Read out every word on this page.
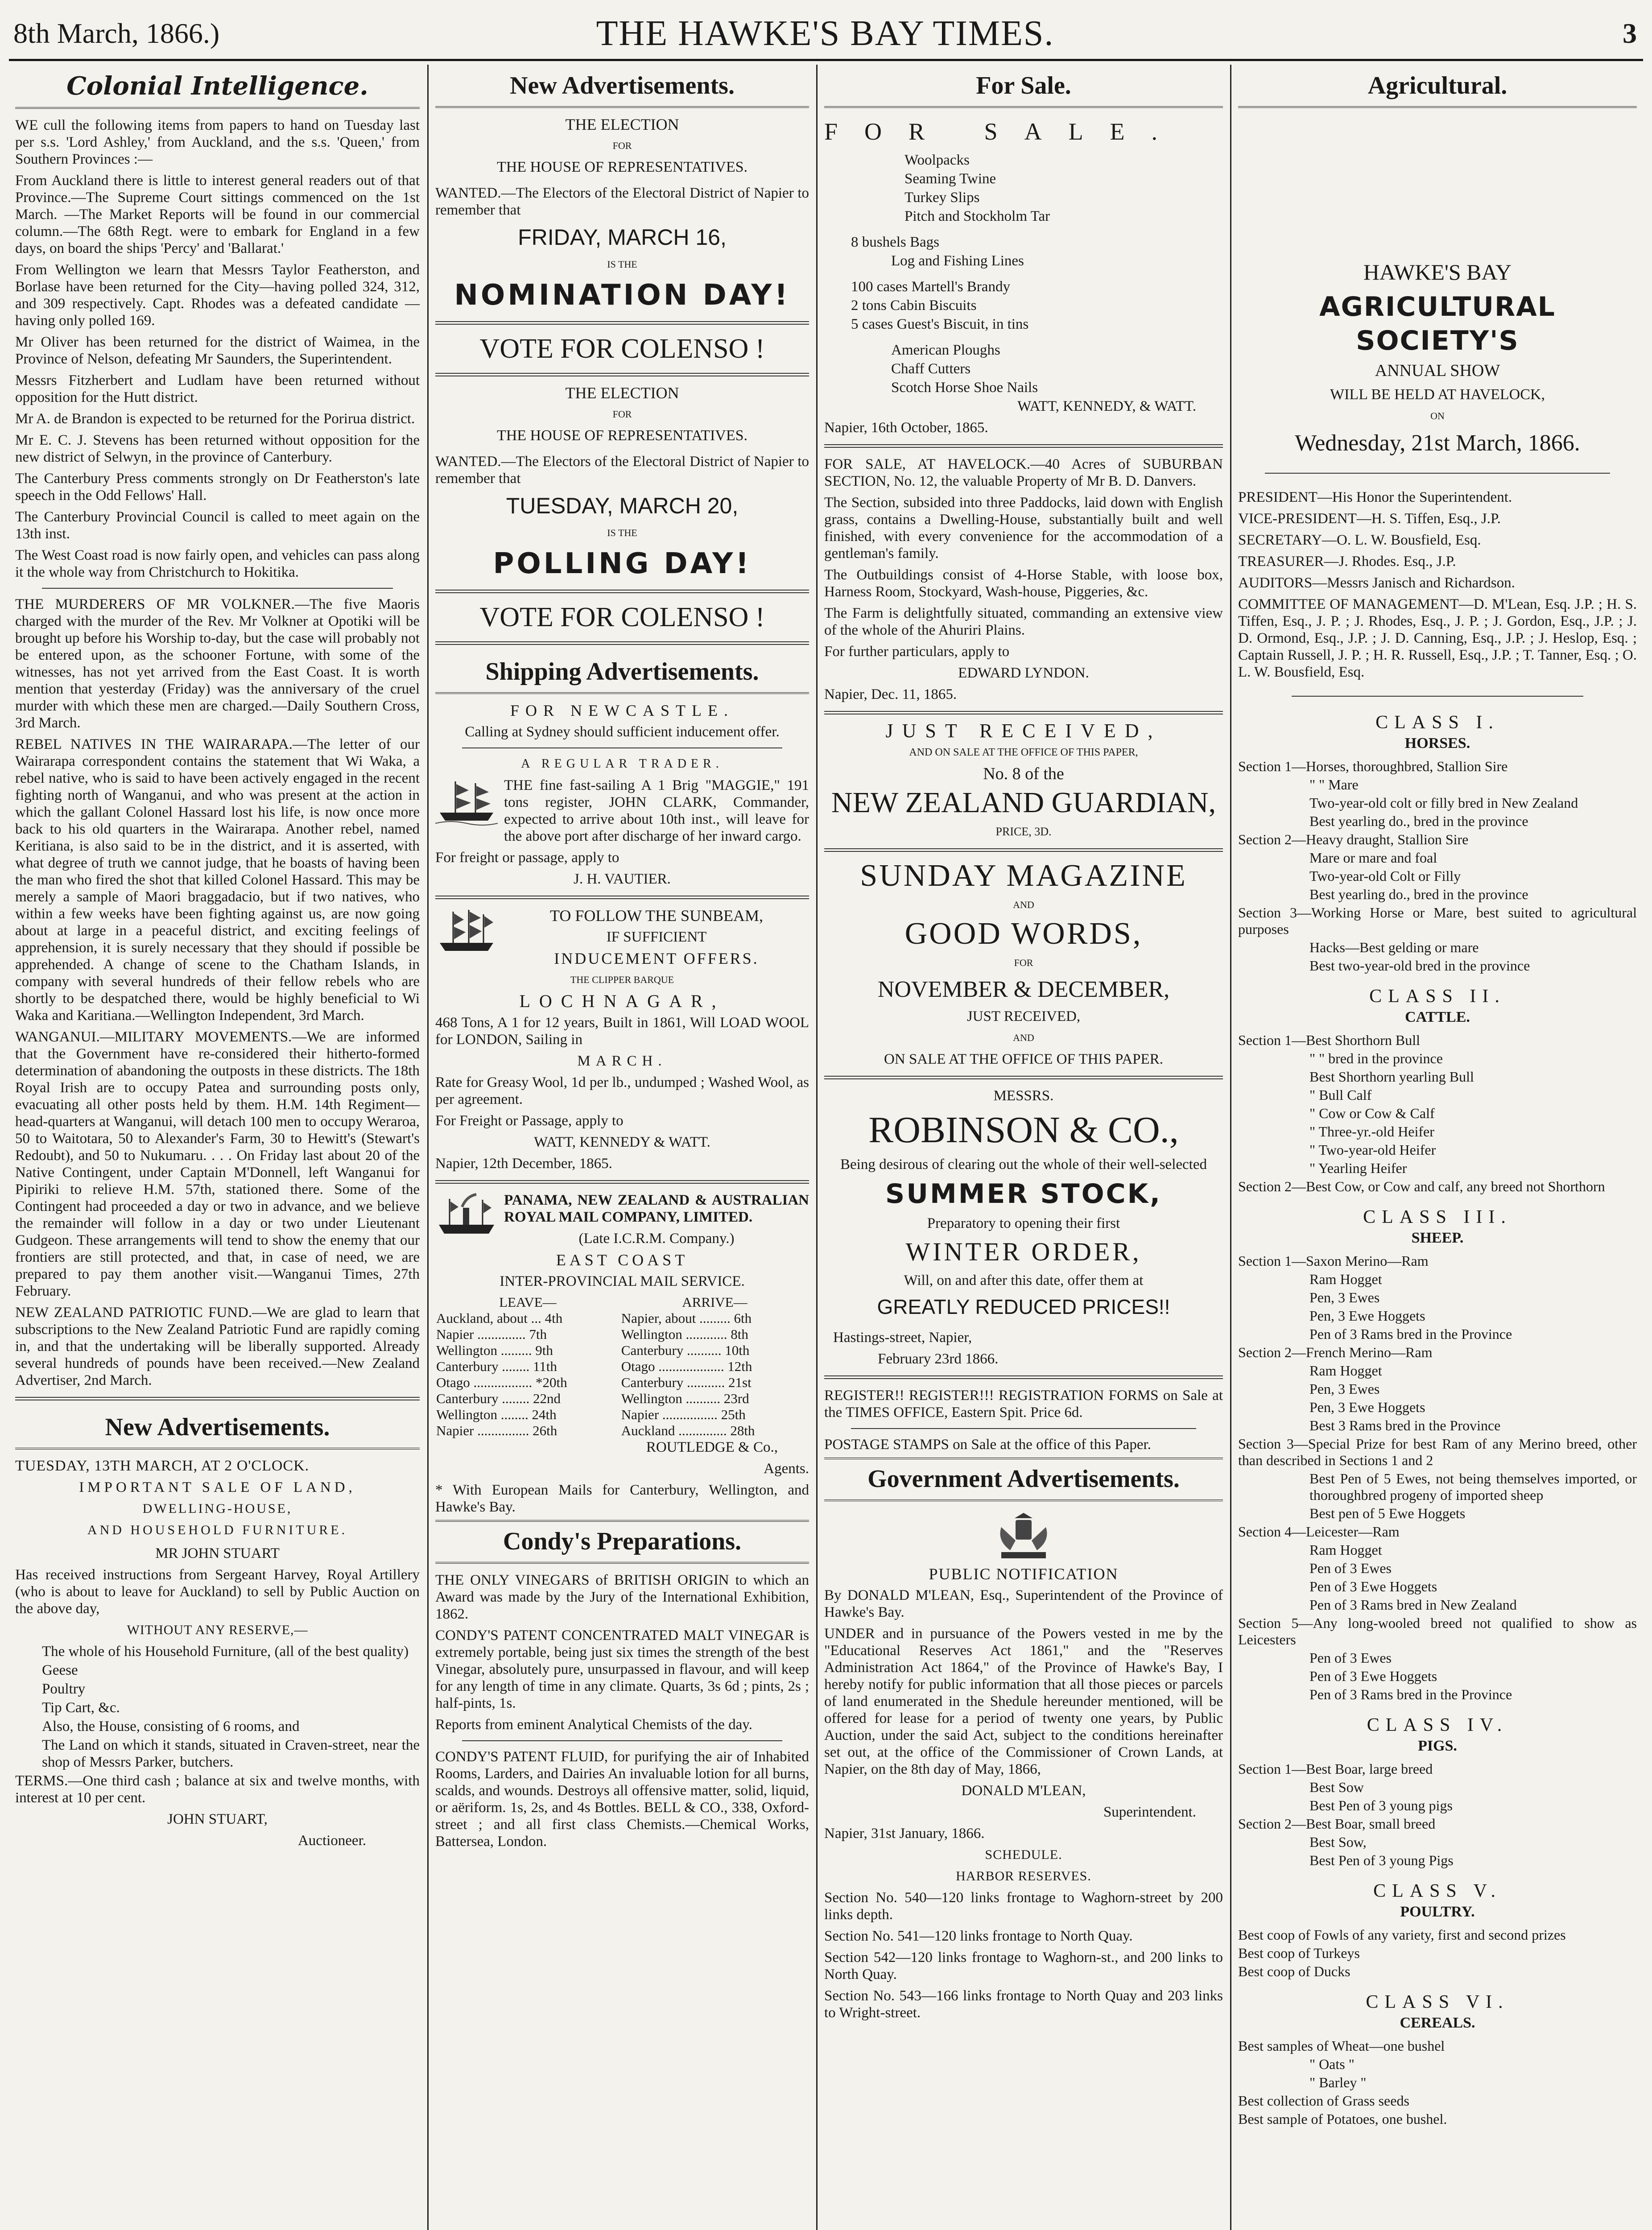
8th March, 1866.)	THE HAWKE'S BAY TIMES.	3
Colonial Intelligence.

WE cull the following items from papers to hand on Tuesday last per s.s. 'Lord Ashley,' from Auckland, and the s.s. 'Queen,' from Southern Provinces :—

From Auckland there is little to interest general readers out of that Province.—The Supreme Court sittings commenced on the 1st March. —The Market Reports will be found in our commercial column.—The 68th Regt. were to embark for England in a few days, on board the ships 'Percy' and 'Ballarat.'

From Wellington we learn that Messrs Taylor Featherston, and Borlase have been returned for the City—having polled 324, 312, and 309 respectively. Capt. Rhodes was a defeated candidate —having only polled 169.

Mr Oliver has been returned for the district of Waimea, in the Province of Nelson, defeating Mr Saunders, the Superintendent.

Messrs Fitzherbert and Ludlam have been returned without opposition for the Hutt district.

Mr A. de Brandon is expected to be returned for the Porirua district.

Mr E. C. J. Stevens has been returned without opposition for the new district of Selwyn, in the province of Canterbury.

The Canterbury Press comments strongly on Dr Featherston's late speech in the Odd Fellows' Hall.

The Canterbury Provincial Council is called to meet again on the 13th inst.

The West Coast road is now fairly open, and vehicles can pass along it the whole way from Christchurch to Hokitika.

THE MURDERERS OF MR VOLKNER.—The five Maoris charged with the murder of the Rev. Mr Volkner at Opotiki will be brought up before his Worship to-day, but the case will probably not be entered upon, as the schooner Fortune, with some of the witnesses, has not yet arrived from the East Coast. It is worth mention that yesterday (Friday) was the anniversary of the cruel murder with which these men are charged.—Daily Southern Cross, 3rd March.

REBEL NATIVES IN THE WAIRARAPA.—The letter of our Wairarapa correspondent contains the statement that Wi Waka, a rebel native, who is said to have been actively engaged in the recent fighting north of Wanganui, and who was present at the action in which the gallant Colonel Hassard lost his life, is now once more back to his old quarters in the Wairarapa. Another rebel, named Keritiana, is also said to be in the district, and it is asserted, with what degree of truth we cannot judge, that he boasts of having been the man who fired the shot that killed Colonel Hassard. This may be merely a sample of Maori braggadacio, but if two natives, who within a few weeks have been fighting against us, are now going about at large in a peaceful district, and exciting feelings of apprehension, it is surely necessary that they should if possible be apprehended. A change of scene to the Chatham Islands, in company with several hundreds of their fellow rebels who are shortly to be despatched there, would be highly beneficial to Wi Waka and Karitiana.—Wellington Independent, 3rd March.

WANGANUI.—MILITARY MOVEMENTS.—We are informed that the Government have re-considered their hitherto-formed determination of abandoning the outposts in these districts. The 18th Royal Irish are to occupy Patea and surrounding posts only, evacuating all other posts held by them. H.M. 14th Regiment—head-quarters at Wanganui, will detach 100 men to occupy Weraroa, 50 to Waitotara, 50 to Alexander's Farm, 30 to Hewitt's (Stewart's Redoubt), and 50 to Nukumaru. . . . On Friday last about 20 of the Native Contingent, under Captain M'Donnell, left Wanganui for Pipiriki to relieve H.M. 57th, stationed there. Some of the Contingent had proceeded a day or two in advance, and we believe the remainder will follow in a day or two under Lieutenant Gudgeon. These arrangements will tend to show the enemy that our frontiers are still protected, and that, in case of need, we are prepared to pay them another visit.—Wanganui Times, 27th February.

NEW ZEALAND PATRIOTIC FUND.—We are glad to learn that subscriptions to the New Zealand Patriotic Fund are rapidly coming in, and that the undertaking will be liberally supported. Already several hundreds of pounds have been received.—New Zealand Advertiser, 2nd March.

New Advertisements.

TUESDAY, 13TH MARCH, AT 2 O'CLOCK.

IMPORTANT SALE OF LAND,

DWELLING-HOUSE,

AND HOUSEHOLD FURNITURE.

MR JOHN STUART

Has received instructions from Sergeant Harvey, Royal Artillery (who is about to leave for Auckland) to sell by Public Auction on the above day,

WITHOUT ANY RESERVE,—

The whole of his Household Furniture, (all of the best quality)

Geese

Poultry

Tip Cart, &c.

Also, the House, consisting of 6 rooms, and

The Land on which it stands, situated in Craven-street, near the shop of Messrs Parker, butchers.

TERMS.—One third cash ; balance at six and twelve months, with interest at 10 per cent.

JOHN STUART,

Auctioneer.

New Advertisements.

THE ELECTION

FOR

THE HOUSE OF REPRESENTATIVES.

WANTED.—The Electors of the Electoral District of Napier to remember that

FRIDAY, MARCH 16,

IS THE

NOMINATION DAY!

VOTE FOR COLENSO !

THE ELECTION

FOR

THE HOUSE OF REPRESENTATIVES.

WANTED.—The Electors of the Electoral District of Napier to remember that

TUESDAY, MARCH 20,

IS THE

POLLING DAY!

VOTE FOR COLENSO !

Shipping Advertisements.

FOR NEWCASTLE.

Calling at Sydney should sufficient inducement offer.

A REGULAR TRADER.

THE fine fast-sailing A 1 Brig "MAGGIE," 191 tons register, JOHN CLARK, Commander, expected to arrive about 10th inst., will leave for the above port after discharge of her inward cargo.

For freight or passage, apply to

J. H. VAUTIER.

TO FOLLOW THE SUNBEAM,

IF SUFFICIENT

INDUCEMENT OFFERS.

THE CLIPPER BARQUE

LOCHNAGAR,

468 Tons, A 1 for 12 years, Built in 1861, Will LOAD WOOL for LONDON, Sailing in

MARCH.

Rate for Greasy Wool, 1d per lb., undumped ; Washed Wool, as per agreement.

For Freight or Passage, apply to

WATT, KENNEDY & WATT.

Napier, 12th December, 1865.

PANAMA, NEW ZEALAND & AUSTRALIAN ROYAL MAIL COMPANY, LIMITED.

(Late I.C.R.M. Company.)

EAST COAST

INTER-PROVINCIAL MAIL SERVICE.

LEAVE—	ARRIVE—
Auckland, about ... 4th	Napier, about ......... 6th
Napier .............. 7th	Wellington ............ 8th
Wellington ......... 9th	Canterbury .......... 10th
Canterbury ........ 11th	Otago ................... 12th
Otago ................. *20th	Canterbury ........... 21st
Canterbury ........ 22nd	Wellington .......... 23rd
Wellington ........ 24th	Napier ................ 25th
Napier ............... 26th	Auckland .............. 28th

ROUTLEDGE & Co.,

Agents.

* With European Mails for Canterbury, Wellington, and Hawke's Bay.

Condy's Preparations.

THE ONLY VINEGARS of BRITISH ORIGIN to which an Award was made by the Jury of the International Exhibition, 1862.

CONDY'S PATENT CONCENTRATED MALT VINEGAR is extremely portable, being just six times the strength of the best Vinegar, absolutely pure, unsurpassed in flavour, and will keep for any length of time in any climate. Quarts, 3s 6d ; pints, 2s ; half-pints, 1s.

Reports from eminent Analytical Chemists of the day.

CONDY'S PATENT FLUID, for purifying the air of Inhabited Rooms, Larders, and Dairies An invaluable lotion for all burns, scalds, and wounds. Destroys all offensive matter, solid, liquid, or aëriform. 1s, 2s, and 4s Bottles. BELL & CO., 338, Oxford-street ; and all first class Chemists.—Chemical Works, Battersea, London.

For Sale.

FOR SALE.

Woolpacks

Seaming Twine

Turkey Slips

Pitch and Stockholm Tar

8 bushels Bags

Log and Fishing Lines

100 cases Martell's Brandy

2 tons Cabin Biscuits

5 cases Guest's Biscuit, in tins

American Ploughs

Chaff Cutters

Scotch Horse Shoe Nails

WATT, KENNEDY, & WATT.

Napier, 16th October, 1865.

FOR SALE, AT HAVELOCK.—40 Acres of SUBURBAN SECTION, No. 12, the valuable Property of Mr B. D. Danvers.

The Section, subsided into three Paddocks, laid down with English grass, contains a Dwelling-House, substantially built and well finished, with every convenience for the accommodation of a gentleman's family.

The Outbuildings consist of 4-Horse Stable, with loose box, Harness Room, Stockyard, Wash-house, Piggeries, &c.

The Farm is delightfully situated, commanding an extensive view of the whole of the Ahuriri Plains.

For further particulars, apply to

EDWARD LYNDON.

Napier, Dec. 11, 1865.

JUST RECEIVED,

AND ON SALE AT THE OFFICE OF THIS PAPER,

No. 8 of the

NEW ZEALAND GUARDIAN,

PRICE, 3D.

SUNDAY MAGAZINE

AND

GOOD WORDS,

FOR

NOVEMBER & DECEMBER,

JUST RECEIVED,

AND

ON SALE AT THE OFFICE OF THIS PAPER.

MESSRS.

ROBINSON & CO.,

Being desirous of clearing out the whole of their well-selected

SUMMER STOCK,

Preparatory to opening their first

WINTER ORDER,

Will, on and after this date, offer them at

GREATLY REDUCED PRICES!!

Hastings-street, Napier,

February 23rd 1866.

REGISTER!! REGISTER!!! REGISTRATION FORMS on Sale at the TIMES OFFICE, Eastern Spit. Price 6d.

POSTAGE STAMPS on Sale at the office of this Paper.

Government Advertisements.

PUBLIC NOTIFICATION

By DONALD M'LEAN, Esq., Superintendent of the Province of Hawke's Bay.

UNDER and in pursuance of the Powers vested in me by the "Educational Reserves Act 1861," and the "Reserves Administration Act 1864," of the Province of Hawke's Bay, I hereby notify for public information that all those pieces or parcels of land enumerated in the Shedule hereunder mentioned, will be offered for lease for a period of twenty one years, by Public Auction, under the said Act, subject to the conditions hereinafter set out, at the office of the Commissioner of Crown Lands, at Napier, on the 8th day of May, 1866,

DONALD M'LEAN,

Superintendent.

Napier, 31st January, 1866.

SCHEDULE.

HARBOR RESERVES.

Section No. 540—120 links frontage to Waghorn-street by 200 links depth.

Section No. 541—120 links frontage to North Quay.

Section 542—120 links frontage to Waghorn-st., and 200 links to North Quay.

Section No. 543—166 links frontage to North Quay and 203 links to Wright-street.

Agricultural.

HAWKE'S BAY

AGRICULTURAL SOCIETY'S

ANNUAL SHOW

WILL BE HELD AT HAVELOCK,

ON

Wednesday, 21st March, 1866.

PRESIDENT—His Honor the Superintendent.

VICE-PRESIDENT—H. S. Tiffen, Esq., J.P.

SECRETARY—O. L. W. Bousfield, Esq.

TREASURER—J. Rhodes. Esq., J.P.

AUDITORS—Messrs Janisch and Richardson.

COMMITTEE OF MANAGEMENT—D. M'Lean, Esq. J.P. ; H. S. Tiffen, Esq., J. P. ; J. Rhodes, Esq., J. P. ; J. Gordon, Esq., J.P. ; J. D. Ormond, Esq., J.P. ; J. D. Canning, Esq., J.P. ; J. Heslop, Esq. ; Captain Russell, J. P. ; H. R. Russell, Esq., J.P. ; T. Tanner, Esq. ; O. L. W. Bousfield, Esq.

CLASS I.
HORSES.

Section 1—Horses, thoroughbred, Stallion Sire

" " Mare

Two-year-old colt or filly bred in New Zealand

Best yearling do., bred in the province

Section 2—Heavy draught, Stallion Sire

Mare or mare and foal

Two-year-old Colt or Filly

Best yearling do., bred in the province

Section 3—Working Horse or Mare, best suited to agricultural purposes

Hacks—Best gelding or mare

Best two-year-old bred in the province

CLASS II.
CATTLE.

Section 1—Best Shorthorn Bull

" " bred in the province

Best Shorthorn yearling Bull

" Bull Calf

" Cow or Cow & Calf

" Three-yr.-old Heifer

" Two-year-old Heifer

" Yearling Heifer

Section 2—Best Cow, or Cow and calf, any breed not Shorthorn

CLASS III.
SHEEP.

Section 1—Saxon Merino—Ram

Ram Hogget

Pen, 3 Ewes

Pen, 3 Ewe Hoggets

Pen of 3 Rams bred in the Province

Section 2—French Merino—Ram

Ram Hogget

Pen, 3 Ewes

Pen, 3 Ewe Hoggets

Best 3 Rams bred in the Province

Section 3—Special Prize for best Ram of any Merino breed, other than described in Sections 1 and 2

Best Pen of 5 Ewes, not being themselves imported, or thoroughbred progeny of imported sheep

Best pen of 5 Ewe Hoggets

Section 4—Leicester—Ram

Ram Hogget

Pen of 3 Ewes

Pen of 3 Ewe Hoggets

Pen of 3 Rams bred in New Zealand

Section 5—Any long-wooled breed not qualified to show as Leicesters

Pen of 3 Ewes

Pen of 3 Ewe Hoggets

Pen of 3 Rams bred in the Province

CLASS IV.
PIGS.

Section 1—Best Boar, large breed

Best Sow

Best Pen of 3 young pigs

Section 2—Best Boar, small breed

Best Sow,

Best Pen of 3 young Pigs

CLASS V.
POULTRY.

Best coop of Fowls of any variety, first and second prizes

Best coop of Turkeys

Best coop of Ducks

CLASS VI.
CEREALS.

Best samples of Wheat—one bushel

" Oats "

" Barley "

Best collection of Grass seeds

Best sample of Potatoes, one bushel.
